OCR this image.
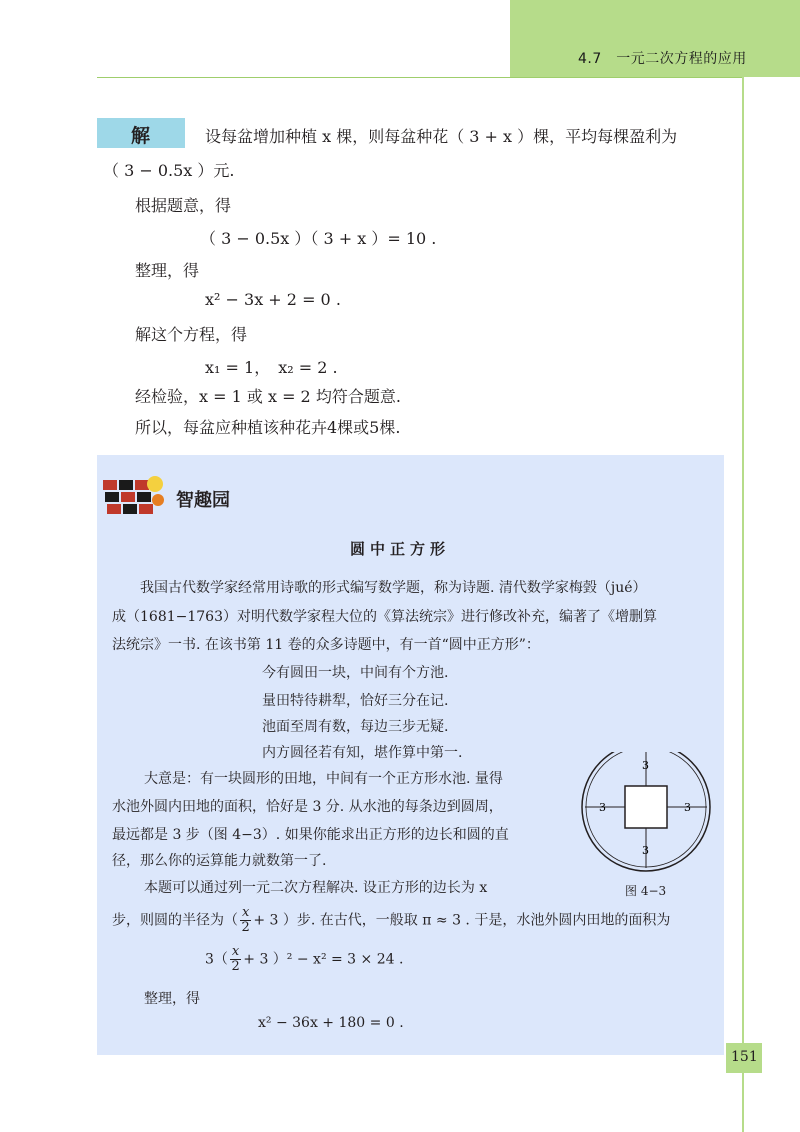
4.7　一元二次方程的应用
解	设每盆增加种植 x 棵，则每盆种花（ 3 + x ）棵，平均每棵盈利为
（ 3 − 0.5x ）元.
根据题意，得
（ 3 − 0.5x ）（ 3 + x ）= 10 .
整理，得
x² − 3x + 2 = 0 .
解这个方程，得
x₁ = 1，　x₂ = 2 .
经检验，x = 1 或 x = 2 均符合题意.
所以，每盆应种植该种花卉4棵或5棵.
智趣园
圆中正方形
我国古代数学家经常用诗歌的形式编写数学题，称为诗题. 清代数学家梅瑴（jué）
成（1681−1763）对明代数学家程大位的《算法统宗》进行修改补充，编著了《增删算
法统宗》一书. 在该书第 11 卷的众多诗题中，有一首“圆中正方形”：
今有圆田一块，中间有个方池.
量田特待耕犁，恰好三分在记.
池面至周有数，每边三步无疑.
内方圆径若有知，堪作算中第一.
大意是：有一块圆形的田地，中间有一个正方形水池. 量得
水池外圆内田地的面积，恰好是 3 分. 从水池的每条边到圆周，
最远都是 3 步（图 4−3）. 如果你能求出正方形的边长和圆的直
径，那么你的运算能力就数第一了.
本题可以通过列一元二次方程解决. 设正方形的边长为 x
步，则圆的半径为（ $\frac{x}{2} + 3$ ）步. 在古代，一般取 π ≈ 3 . 于是，水池外圆内田地的面积为
$3( \frac{x}{2} + 3$ ）² − x² = 3 × 24 .
整理，得
x² − 36x + 180 = 0 .
3
3
3	3
图 4−3
151
